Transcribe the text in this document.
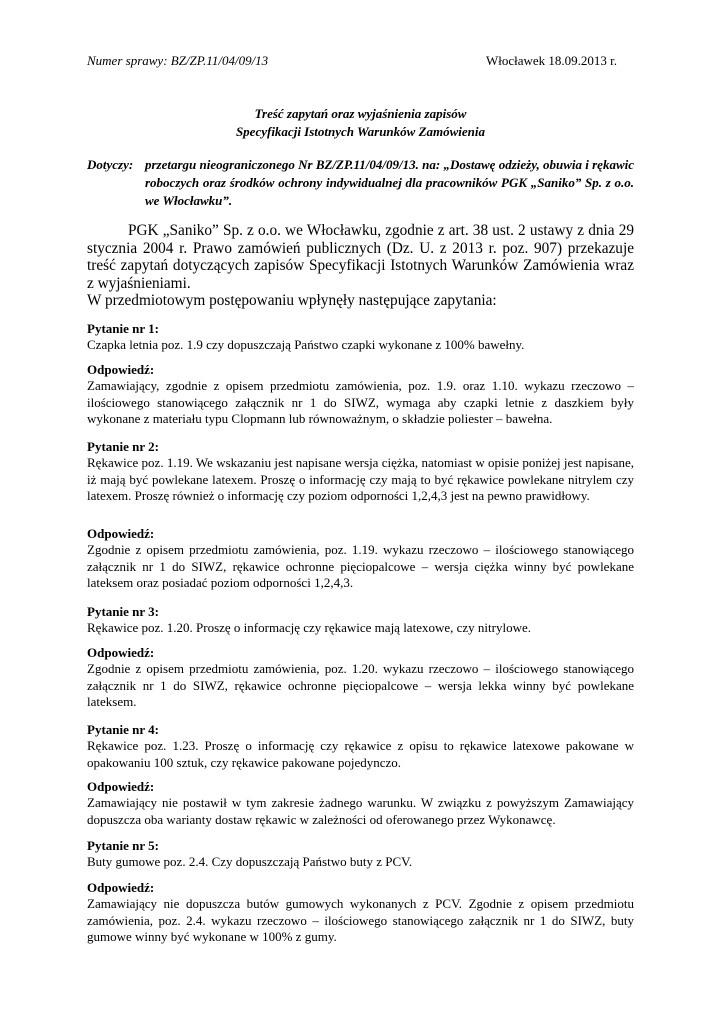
Numer sprawy: BZ/ZP.11/04/09/13	Włocławek 18.09.2013 r.
Treść zapytań oraz wyjaśnienia zapisów
Specyfikacji Istotnych Warunków Zamówienia
Dotyczy: przetargu nieograniczonego Nr BZ/ZP.11/04/09/13. na: „Dostawę odzieży, obuwia i rękawic roboczych oraz środków ochrony indywidualnej dla pracowników PGK „Saniko” Sp. z o.o. we Włocławku”.

PGK „Saniko” Sp. z o.o. we Włocławku, zgodnie z art. 38 ust. 2 ustawy z dnia 29 stycznia 2004 r. Prawo zamówień publicznych (Dz. U. z 2013 r. poz. 907) przekazuje treść zapytań dotyczących zapisów Specyfikacji Istotnych Warunków Zamówienia wraz z wyjaśnieniami.

W przedmiotowym postępowaniu wpłynęły następujące zapytania:

Pytanie nr 1:

Czapka letnia poz. 1.9 czy dopuszczają Państwo czapki wykonane z 100% bawełny.

Odpowiedź:

Zamawiający, zgodnie z opisem przedmiotu zamówienia, poz. 1.9. oraz 1.10. wykazu rzeczowo – ilościowego stanowiącego załącznik nr 1 do SIWZ, wymaga aby czapki letnie z daszkiem były wykonane z materiału typu Clopmann lub równoważnym, o składzie poliester – bawełna.

Pytanie nr 2:

Rękawice poz. 1.19. We wskazaniu jest napisane wersja ciężka, natomiast w opisie poniżej jest napisane, iż mają być powlekane latexem. Proszę o informację czy mają to być rękawice powlekane nitrylem czy latexem. Proszę również o informację czy poziom odporności 1,2,4,3 jest na pewno prawidłowy.

Odpowiedź:

Zgodnie z opisem przedmiotu zamówienia, poz. 1.19. wykazu rzeczowo – ilościowego stanowiącego załącznik nr 1 do SIWZ, rękawice ochronne pięciopalcowe – wersja ciężka winny być powlekane lateksem oraz posiadać poziom odporności 1,2,4,3.

Pytanie nr 3:

Rękawice poz. 1.20. Proszę o informację czy rękawice mają latexowe, czy nitrylowe.

Odpowiedź:

Zgodnie z opisem przedmiotu zamówienia, poz. 1.20. wykazu rzeczowo – ilościowego stanowiącego załącznik nr 1 do SIWZ, rękawice ochronne pięciopalcowe – wersja lekka winny być powlekane lateksem.

Pytanie nr 4:

Rękawice poz. 1.23. Proszę o informację czy rękawice z opisu to rękawice latexowe pakowane w opakowaniu 100 sztuk, czy rękawice pakowane pojedynczo.

Odpowiedź:

Zamawiający nie postawił w tym zakresie żadnego warunku. W związku z powyższym Zamawiający dopuszcza oba warianty dostaw rękawic w zależności od oferowanego przez Wykonawcę.

Pytanie nr 5:

Buty gumowe poz. 2.4. Czy dopuszczają Państwo buty z PCV.

Odpowiedź:

Zamawiający nie dopuszcza butów gumowych wykonanych z PCV. Zgodnie z opisem przedmiotu zamówienia, poz. 2.4. wykazu rzeczowo – ilościowego stanowiącego załącznik nr 1 do SIWZ, buty gumowe winny być wykonane w 100% z gumy.
